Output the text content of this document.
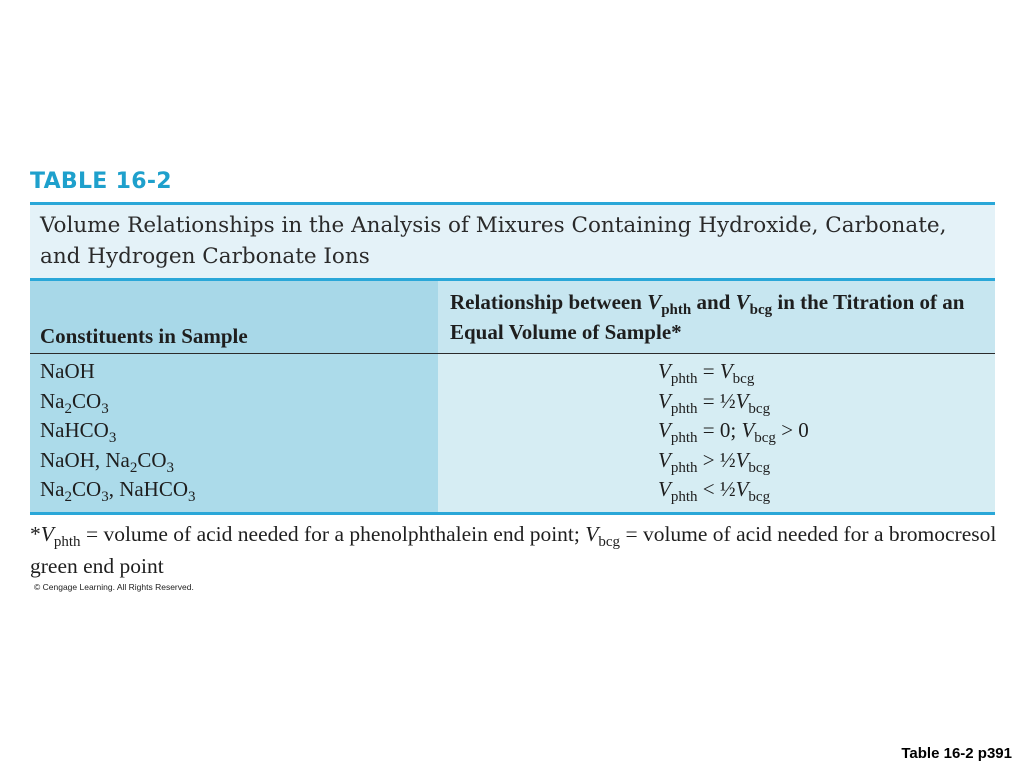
TABLE 16-2
Volume Relationships in the Analysis of Mixures Containing Hydroxide, Carbonate, and Hydrogen Carbonate Ions
Constituents in Sample
Relationship between $V_{phth}$ and $V_{bcg}$ in the Titration of an Equal Volume of Sample*
NaOH
$Na_2CO_3$
NaHCO$_3$
NaOH, $Na_2CO_3$
$Na_2CO_3$, NaHCO$_3$
$V_{phth} = V_{bcg}$
$V_{phth}$ = $\frac{1}{2}V_{bcg}$
$V_{phth} = 0$; $V_{bcg} > 0$
$V_{phth}$ > $\frac{1}{2}V_{bcg}$
$V_{phth}$ < $\frac{1}{2}V_{bcg}$
$*V_{phth}$ = volume of acid needed for a phenolphthalein end point; $V_{bcg}$ = volume of acid needed for a bromocresol green end point
© Cengage Learning. All Rights Reserved.
Table 16-2 p391
